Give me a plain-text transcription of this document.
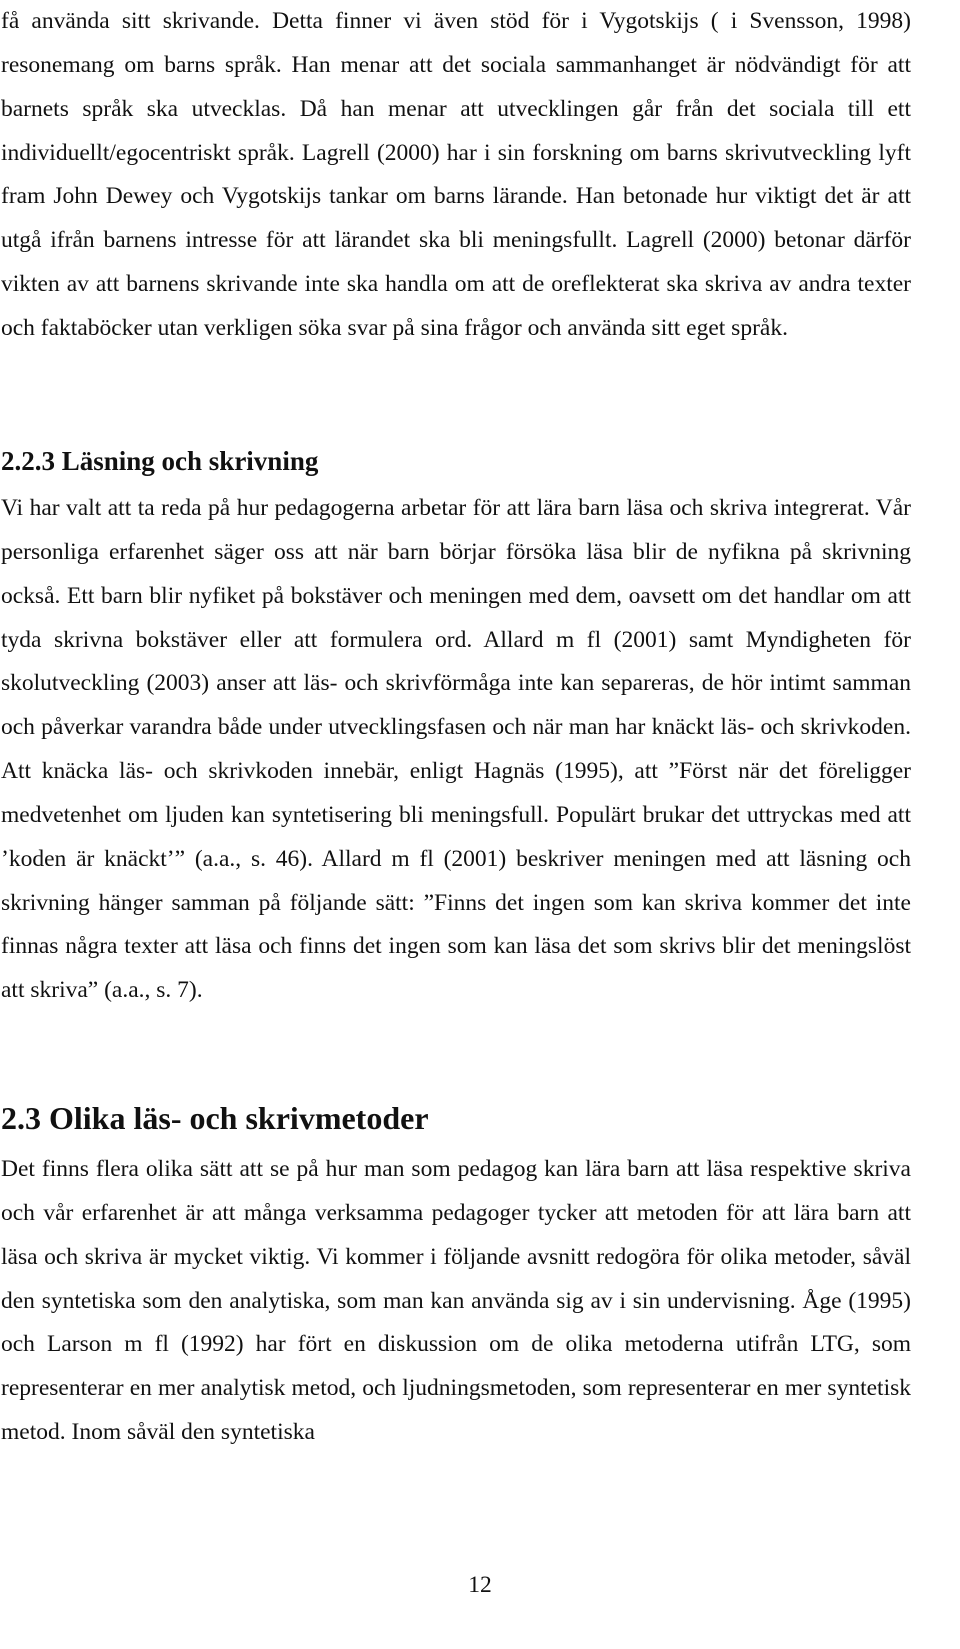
få använda sitt skrivande. Detta finner vi även stöd för i Vygotskijs ( i Svensson, 1998) resonemang om barns språk. Han menar att det sociala sammanhanget är nödvändigt för att barnets språk ska utvecklas. Då han menar att utvecklingen går från det sociala till ett individuellt/egocentriskt språk. Lagrell (2000) har i sin forskning om barns skrivutveckling lyft fram John Dewey och Vygotskijs tankar om barns lärande. Han betonade hur viktigt det är att utgå ifrån barnens intresse för att lärandet ska bli meningsfullt. Lagrell (2000) betonar därför vikten av att barnens skrivande inte ska handla om att de oreflekterat ska skriva av andra texter och faktaböcker utan verkligen söka svar på sina frågor och använda sitt eget språk.

2.2.3 Läsning och skrivning

Vi har valt att ta reda på hur pedagogerna arbetar för att lära barn läsa och skriva integrerat. Vår personliga erfarenhet säger oss att när barn börjar försöka läsa blir de nyfikna på skrivning också. Ett barn blir nyfiket på bokstäver och meningen med dem, oavsett om det handlar om att tyda skrivna bokstäver eller att formulera ord. Allard m fl (2001) samt Myndigheten för skolutveckling (2003) anser att läs- och skrivförmåga inte kan separeras, de hör intimt samman och påverkar varandra både under utvecklingsfasen och när man har knäckt läs- och skrivkoden. Att knäcka läs- och skrivkoden innebär, enligt Hagnäs (1995), att ”Först när det föreligger medvetenhet om ljuden kan syntetisering bli meningsfull. Populärt brukar det uttryckas med att ’koden är knäckt’” (a.a., s. 46). Allard m fl (2001) beskriver meningen med att läsning och skrivning hänger samman på följande sätt: ”Finns det ingen som kan skriva kommer det inte finnas några texter att läsa och finns det ingen som kan läsa det som skrivs blir det meningslöst att skriva” (a.a., s. 7).

2.3 Olika läs- och skrivmetoder

Det finns flera olika sätt att se på hur man som pedagog kan lära barn att läsa respektive skriva och vår erfarenhet är att många verksamma pedagoger tycker att metoden för att lära barn att läsa och skriva är mycket viktig. Vi kommer i följande avsnitt redogöra för olika metoder, såväl den syntetiska som den analytiska, som man kan använda sig av i sin undervisning. Åge (1995) och Larson m fl (1992) har fört en diskussion om de olika metoderna utifrån LTG, som representerar en mer analytisk metod, och ljudningsmetoden, som representerar en mer syntetisk metod. Inom såväl den syntetiska

12
